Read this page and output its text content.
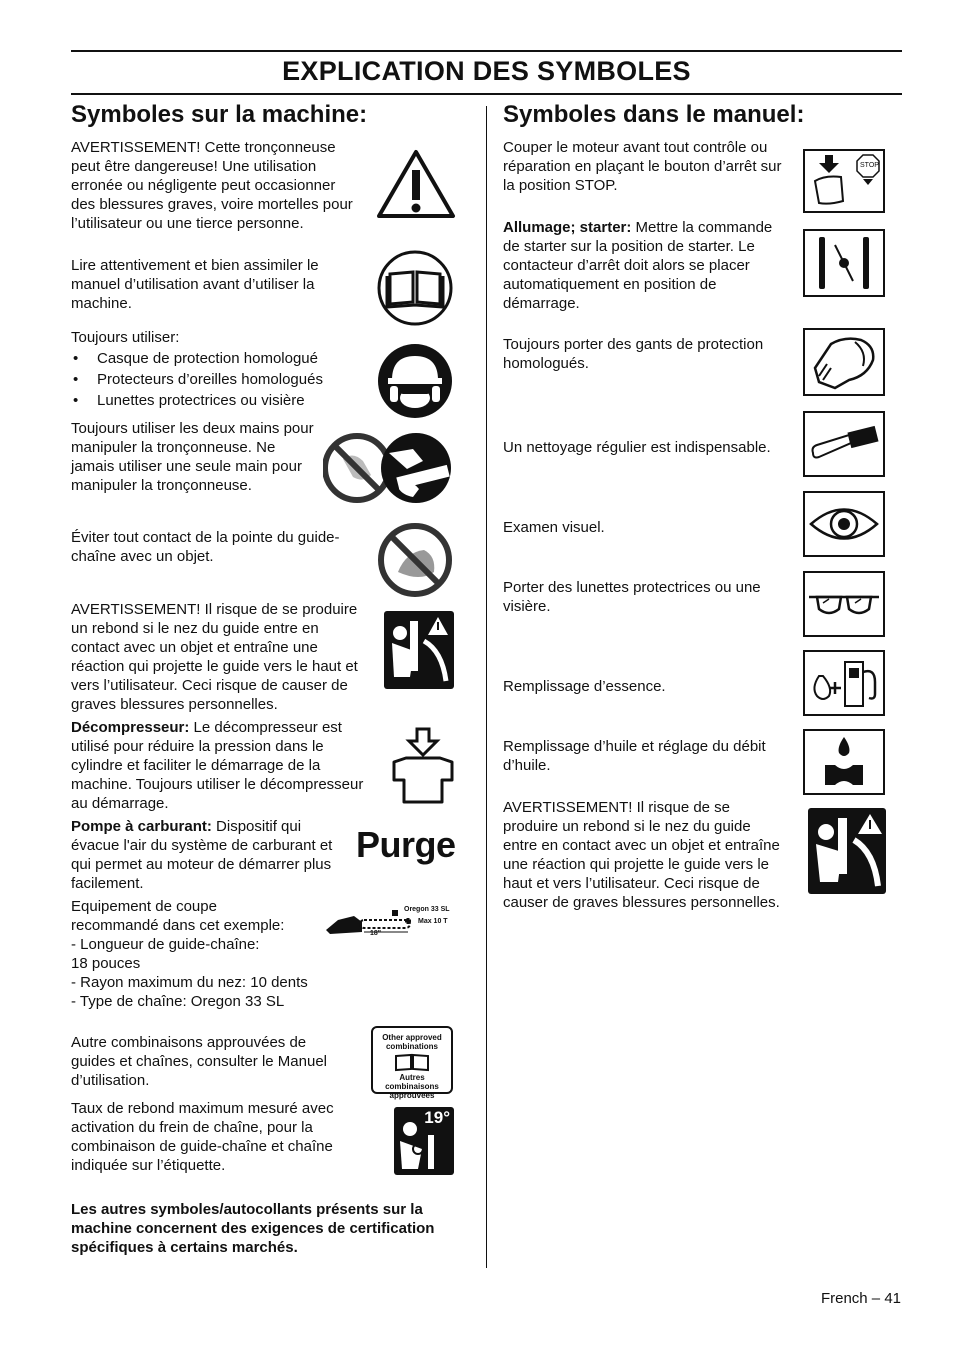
EXPLICATION DES SYMBOLES
Symboles sur la machine:
AVERTISSEMENT! Cette tronçonneuse peut être dangereuse! Une utilisation erronée ou négligente peut occasionner des blessures graves, voire mortelles pour l’utilisateur ou une tierce personne.
Lire attentivement et bien assimiler le manuel d’utilisation avant d’utiliser la machine.
Toujours utiliser:
• Casque de protection homologué
• Protecteurs d’oreilles homologués
• Lunettes protectrices ou visière
Toujours utiliser les deux mains pour manipuler la tronçonneuse. Ne jamais utiliser une seule main pour manipuler la tronçonneuse.
Éviter tout contact de la pointe du guide-chaîne avec un objet.
AVERTISSEMENT! Il risque de se produire un rebond si le nez du guide entre en contact avec un objet et entraîne une réaction qui projette le guide vers le haut et vers l’utilisateur. Ceci risque de causer de graves blessures personnelles.
Décompresseur: Le décompresseur est utilisé pour réduire la pression dans le cylindre et faciliter le démarrage de la machine. Toujours utiliser le décompresseur au démarrage.
Pompe à carburant: Dispositif qui évacue l'air du système de carburant et qui permet au moteur de démarrer plus facilement.
Purge
Equipement de coupe
recommandé dans cet exemple:
- Longueur de guide-chaîne:
18 pouces
- Rayon maximum du nez: 10 dents
- Type de chaîne: Oregon 33 SL
Oregon 33 SL
Max 10 T
18"
Autre combinaisons approuvées de guides et chaînes, consulter le Manuel d’utilisation.
Other approved
combinations
Autres combinaisons
approuvées
Taux de rebond maximum mesuré avec activation du frein de chaîne, pour la combinaison de guide-chaîne et chaîne indiquée sur l’étiquette.
19°
Les autres symboles/autocollants présents sur la machine concernent des exigences de certification spécifiques à certains marchés.
Symboles dans le manuel:
Couper le moteur avant tout contrôle ou réparation en plaçant le bouton d’arrêt sur la position STOP.
STOP
Allumage; starter: Mettre la commande de starter sur la position de starter. Le contacteur d’arrêt doit alors se placer automatiquement en position de démarrage.
Toujours porter des gants de protection homologués.
Un nettoyage régulier est indispensable.
Examen visuel.
Porter des lunettes protectrices ou une visière.
Remplissage d’essence.
Remplissage d’huile et réglage du débit d’huile.
AVERTISSEMENT! Il risque de se produire un rebond si le nez du guide entre en contact avec un objet et entraîne une réaction qui projette le guide vers le haut et vers l’utilisateur. Ceci risque de causer de graves blessures personnelles.
French – 41
